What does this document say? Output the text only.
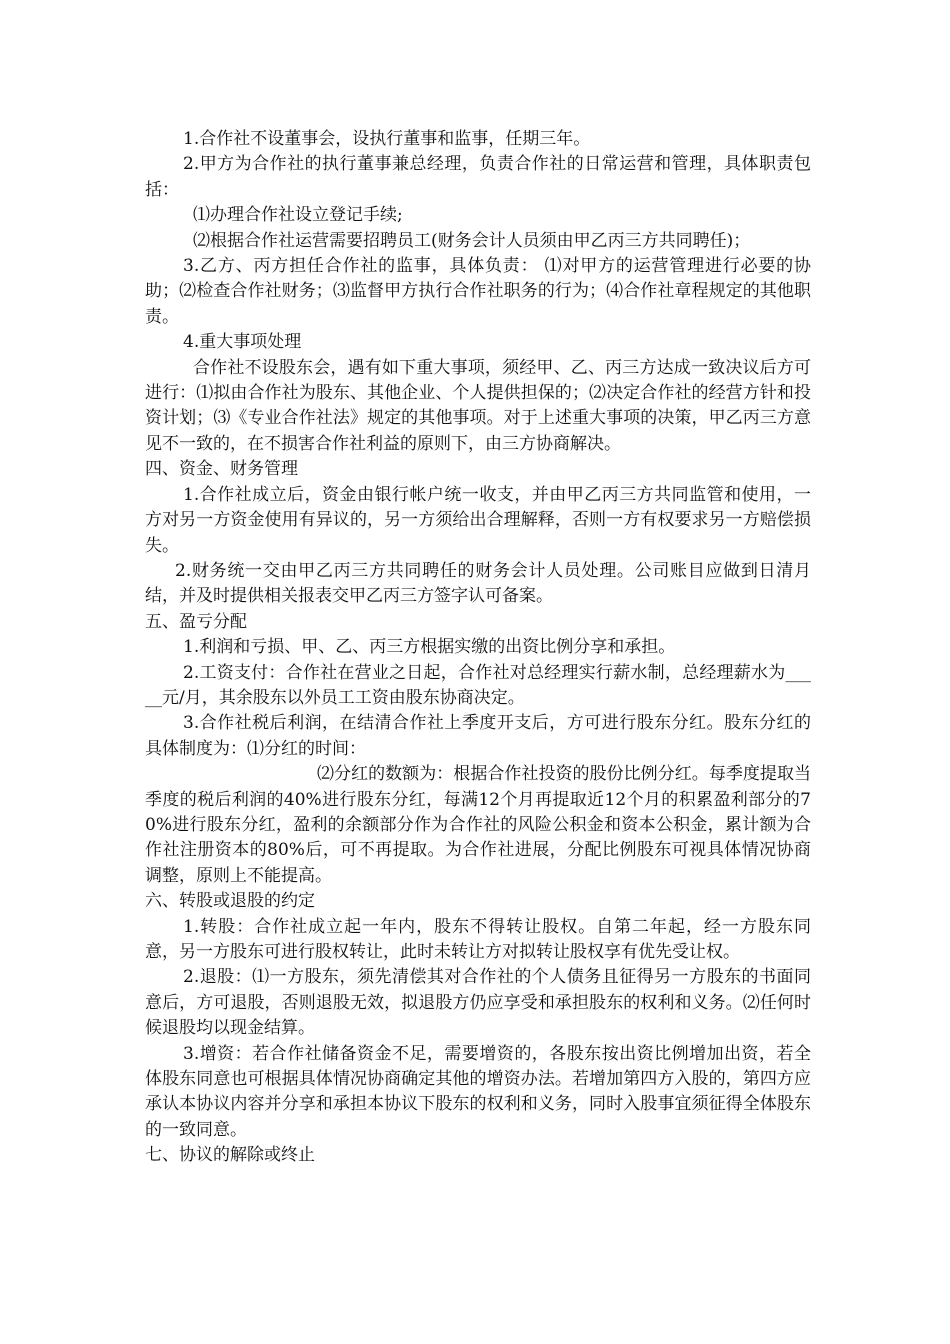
1.合作社不设董事会，设执行董事和监事，任期三年。

2.甲方为合作社的执行董事兼总经理，负责合作社的日常运营和管理，具体职责包括：

⑴办理合作社设立登记手续;

⑵根据合作社运营需要招聘员工(财务会计人员须由甲乙丙三方共同聘任)；

3.乙方、丙方担任合作社的监事，具体负责： ⑴对甲方的运营管理进行必要的协助；⑵检查合作社财务；⑶监督甲方执行合作社职务的行为；⑷合作社章程规定的其他职责。

4.重大事项处理

合作社不设股东会，遇有如下重大事项，须经甲、乙、丙三方达成一致决议后方可进行：⑴拟由合作社为股东、其他企业、个人提供担保的；⑵决定合作社的经营方针和投资计划；⑶《专业合作社法》规定的其他事项。对于上述重大事项的决策，甲乙丙三方意见不一致的，在不损害合作社利益的原则下，由三方协商解决。

四、资金、财务管理

1.合作社成立后，资金由银行帐户统一收支，并由甲乙丙三方共同监管和使用，一方对另一方资金使用有异议的，另一方须给出合理解释，否则一方有权要求另一方赔偿损失。

2.财务统一交由甲乙丙三方共同聘任的财务会计人员处理。公司账目应做到日清月结，并及时提供相关报表交甲乙丙三方签字认可备案。

五、盈亏分配

1.利润和亏损、甲、乙、丙三方根据实缴的出资比例分享和承担。

2.工资支付：合作社在营业之日起，合作社对总经理实行薪水制，总经理薪水为_____元/月，其余股东以外员工工资由股东协商决定。

3.合作社税后利润，在结清合作社上季度开支后，方可进行股东分红。股东分红的具体制度为：⑴分红的时间：

⑵分红的数额为：根据合作社投资的股份比例分红。每季度提取当季度的税后利润的40%进行股东分红，每满12个月再提取近12个月的积累盈利部分的70%进行股东分红，盈利的余额部分作为合作社的风险公积金和资本公积金，累计额为合作社注册资本的80%后，可不再提取。为合作社进展，分配比例股东可视具体情况协商调整，原则上不能提高。

六、转股或退股的约定

1.转股：合作社成立起一年内，股东不得转让股权。自第二年起，经一方股东同意，另一方股东可进行股权转让，此时未转让方对拟转让股权享有优先受让权。

2.退股：⑴一方股东，须先清偿其对合作社的个人债务且征得另一方股东的书面同意后，方可退股，否则退股无效，拟退股方仍应享受和承担股东的权利和义务。⑵任何时候退股均以现金结算。

3.增资：若合作社储备资金不足，需要增资的，各股东按出资比例增加出资，若全体股东同意也可根据具体情况协商确定其他的增资办法。若增加第四方入股的，第四方应承认本协议内容并分享和承担本协议下股东的权利和义务，同时入股事宜须征得全体股东的一致同意。

七、协议的解除或终止
